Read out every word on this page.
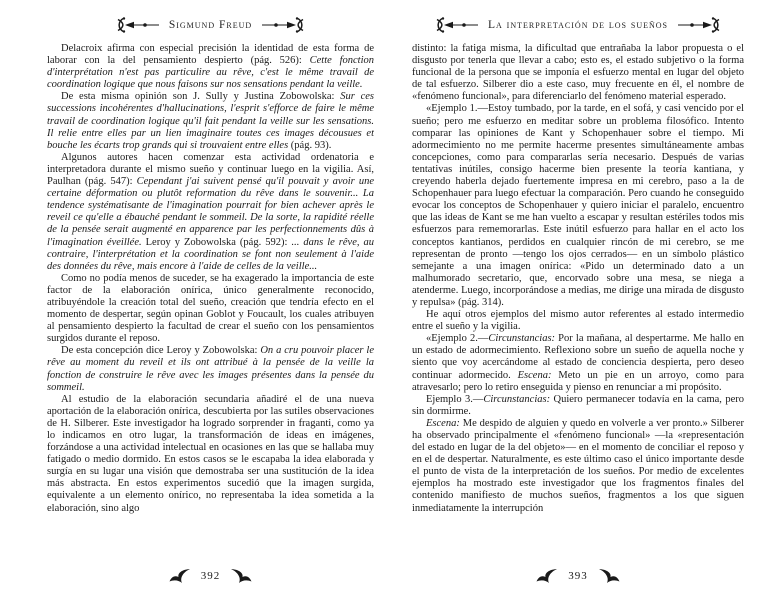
Sigmund Freud

Delacroix afirma con especial precisión la identidad de esta forma de laborar con la del pensamiento despierto (pág. 526): Cette fonction d'interprétation n'est pas particulire au rêve, c'est le même travail de coordination logique que nous faisons sur nos sensations pendant la veille.

De esta misma opinión son J. Sully y Justina Zobowolska: Sur ces successions incohérentes d'hallucinations, l'esprit s'efforce de faire le même travail de coordination logique qu'il fait pendant la veille sur les sensations. Il relie entre elles par un lien imaginaire toutes ces images décousues et bouche les écarts trop grands qui si trouvaient entre elles (pág. 93).

Algunos autores hacen comenzar esta actividad ordenatoria e interpretadora durante el mismo sueño y continuar luego en la vigilia. Así, Paulhan (pág. 547): Cependant j'ai suivent pensé qu'il pouvait y avoir une certaine déformation ou plutôt reformation du rêve dans le souvenir... La tendence systématisante de l'imagination pourrait for bien achever après le reveil ce qu'elle a ébauché pendant le sommeil. De la sorte, la rapidité réelle de la pensée serait augmenté en apparence par les perfectionnements dûs à l'imagination éveillée. Leroy y Zobowolska (pág. 592): ... dans le rêve, au contraire, l'interprétation et la coordination se font non seulement à l'aide des données du rêve, mais encore à l'aide de celles de la veille...

Como no podía menos de suceder, se ha exagerado la importancia de este factor de la elaboración onírica, único generalmente reconocido, atribuyéndole la creación total del sueño, creación que tendría efecto en el momento de despertar, según opinan Goblot y Foucault, los cuales atribuyen al pensamiento despierto la facultad de crear el sueño con los pensamientos surgidos durante el reposo.

De esta concepción dice Leroy y Zobowolska: On a cru pouvoir placer le rêve au moment du reveil et ils ont attribué à la pensée de la veille la fonction de construire le rêve avec les images présentes dans la pensée du sommeil.

Al estudio de la elaboración secundaria añadiré el de una nueva aportación de la elaboración onírica, descubierta por las sutiles observaciones de H. Silberer. Este investigador ha logrado sorprender in fraganti, como ya lo indicamos en otro lugar, la transformación de ideas en imágenes, forzándose a una actividad intelectual en ocasiones en las que se hallaba muy fatigado o medio dormido. En estos casos se le escapaba la idea elaborada y surgía en su lugar una visión que demostraba ser una sustitución de la idea más abstracta. En estos experimentos sucedió que la imagen surgida, equivalente a un elemento onírico, no representaba la idea sometida a la elaboración, sino algo

392
La interpretación de los sueños

distinto: la fatiga misma, la dificultad que entrañaba la labor propuesta o el disgusto por tenerla que llevar a cabo; esto es, el estado subjetivo o la forma funcional de la persona que se imponía el esfuerzo mental en lugar del objeto de tal esfuerzo. Silberer dio a este caso, muy frecuente en él, el nombre de «fenómeno funcional», para diferenciarlo del fenómeno material esperado.

«Ejemplo 1.—Estoy tumbado, por la tarde, en el sofá, y casi vencido por el sueño; pero me esfuerzo en meditar sobre un problema filosófico. Intento comparar las opiniones de Kant y Schopenhauer sobre el tiempo. Mi adormecimiento no me permite hacerme presentes simultáneamente ambas concepciones, como para compararlas sería necesario. Después de varias tentativas inútiles, consigo hacerme bien presente la teoría kantiana, y creyendo haberla dejado fuertemente impresa en mi cerebro, paso a la de Schopenhauer para luego efectuar la comparación. Pero cuando he conseguido evocar los conceptos de Schopenhauer y quiero iniciar el paralelo, encuentro que las ideas de Kant se me han vuelto a escapar y resultan estériles todos mis esfuerzos para rememorarlas. Este inútil esfuerzo para hallar en el acto los conceptos kantianos, perdidos en cualquier rincón de mi cerebro, se me representan de pronto —tengo los ojos cerrados— en un símbolo plástico semejante a una imagen onírica: «Pido un determinado dato a un malhumorado secretario, que, encorvado sobre una mesa, se niega a atenderme. Luego, incorporándose a medias, me dirige una mirada de disgusto y repulsa» (pág. 314).

He aquí otros ejemplos del mismo autor referentes al estado intermedio entre el sueño y la vigilia.

«Ejemplo 2.—Circunstancias: Por la mañana, al despertarme. Me hallo en un estado de adormecimiento. Reflexiono sobre un sueño de aquella noche y siento que voy acercándome al estado de conciencia despierta, pero deseo continuar adormecido. Escena: Meto un pie en un arroyo, como para atravesarlo; pero lo retiro enseguida y pienso en renunciar a mi propósito.

Ejemplo 3.—Circunstancias: Quiero permanecer todavía en la cama, pero sin dormirme.

Escena: Me despido de alguien y quedo en volverle a ver pronto.» Silberer ha observado principalmente el «fenómeno funcional» —la «representación del estado en lugar de la del objeto»— en el momento de conciliar el reposo y en el de despertar. Naturalmente, es este último caso el único importante desde el punto de vista de la interpretación de los sueños. Por medio de excelentes ejemplos ha mostrado este investigador que los fragmentos finales del contenido manifiesto de muchos sueños, fragmentos a los que siguen inmediatamente la interrupción

393
